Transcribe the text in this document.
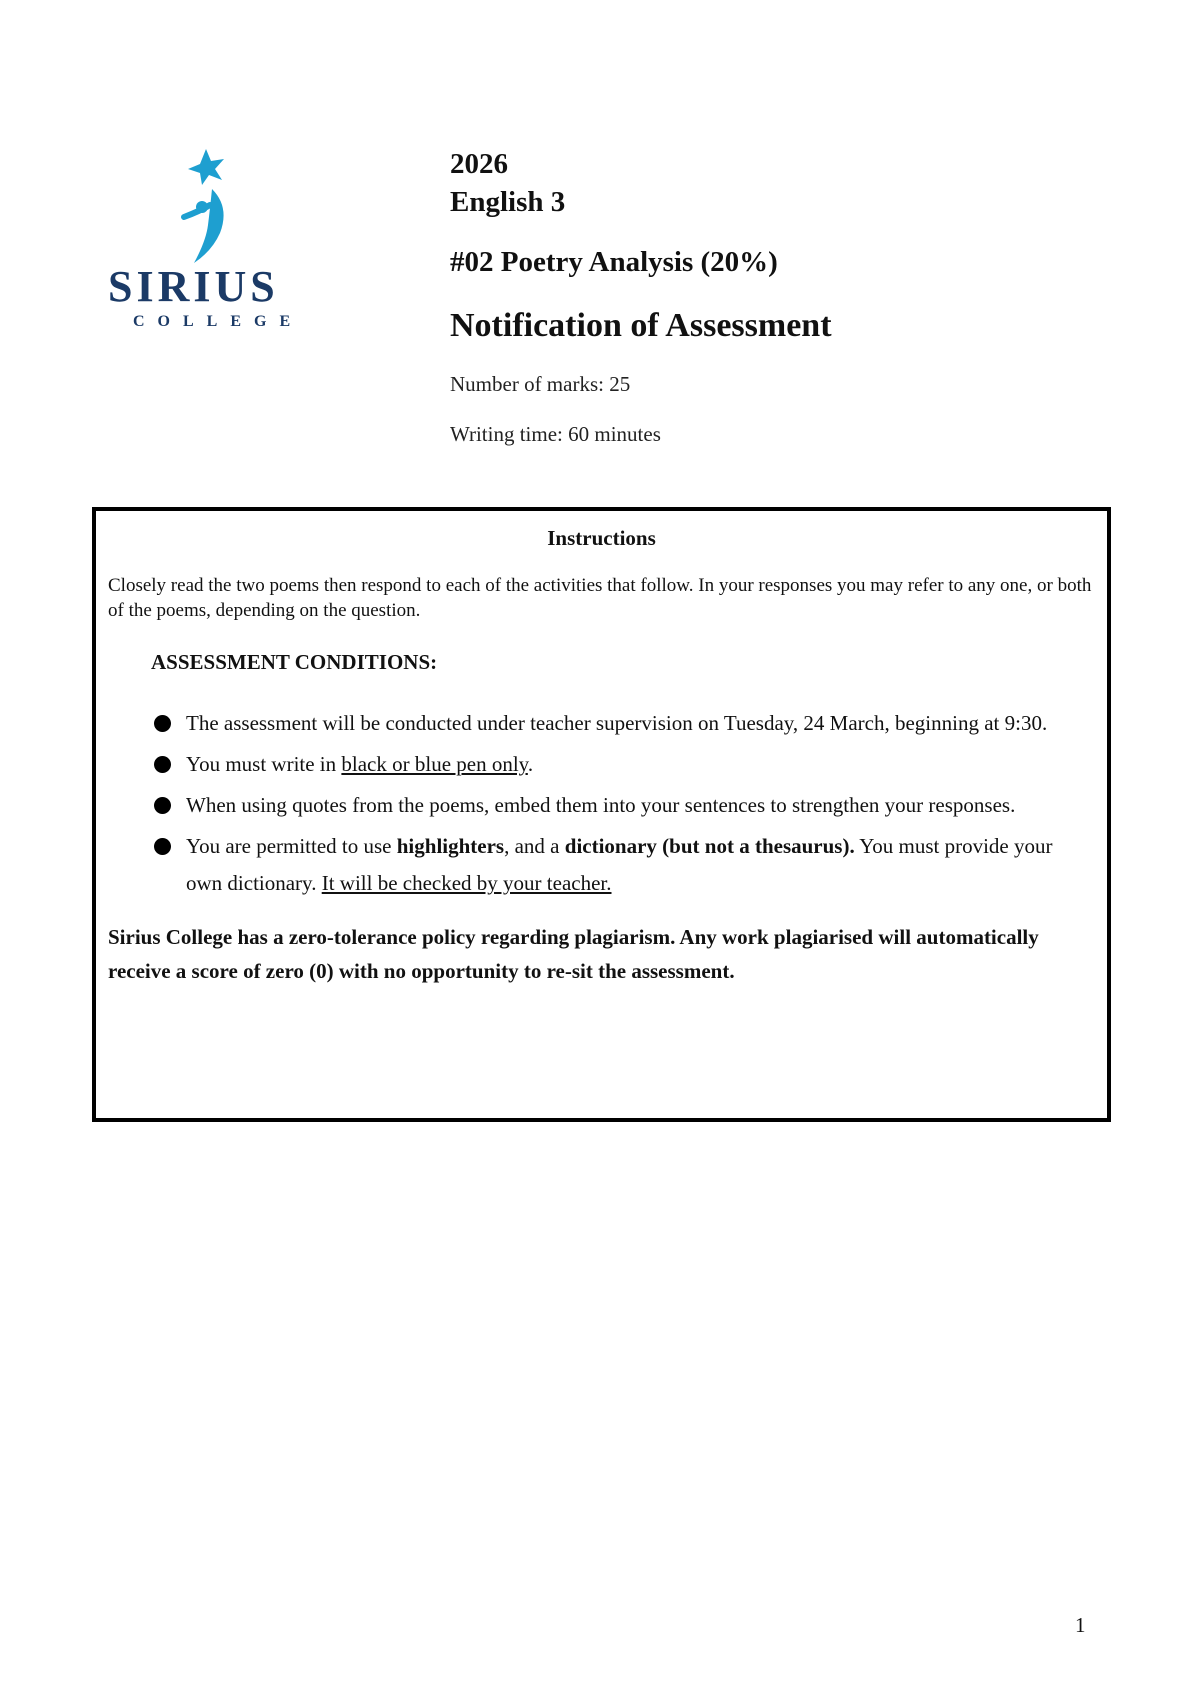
SIRIUS
COLLEGE
2026
English 3
#02 Poetry Analysis (20%)
Notification of Assessment
Number of marks: 25
Writing time: 60 minutes
Instructions
Closely read the two poems then respond to each of the activities that follow. In your responses you may refer to any one, or both of the poems, depending on the question.
ASSESSMENT CONDITIONS:
The assessment will be conducted under teacher supervision on Tuesday, 24 March, beginning at 9:30.
You must write in black or blue pen only.
When using quotes from the poems, embed them into your sentences to strengthen your responses.
You are permitted to use highlighters, and a dictionary (but not a thesaurus). You must provide your own dictionary. It will be checked by your teacher.
Sirius College has a zero-tolerance policy regarding plagiarism. Any work plagiarised will automatically receive a score of zero (0) with no opportunity to re-sit the assessment.
1
